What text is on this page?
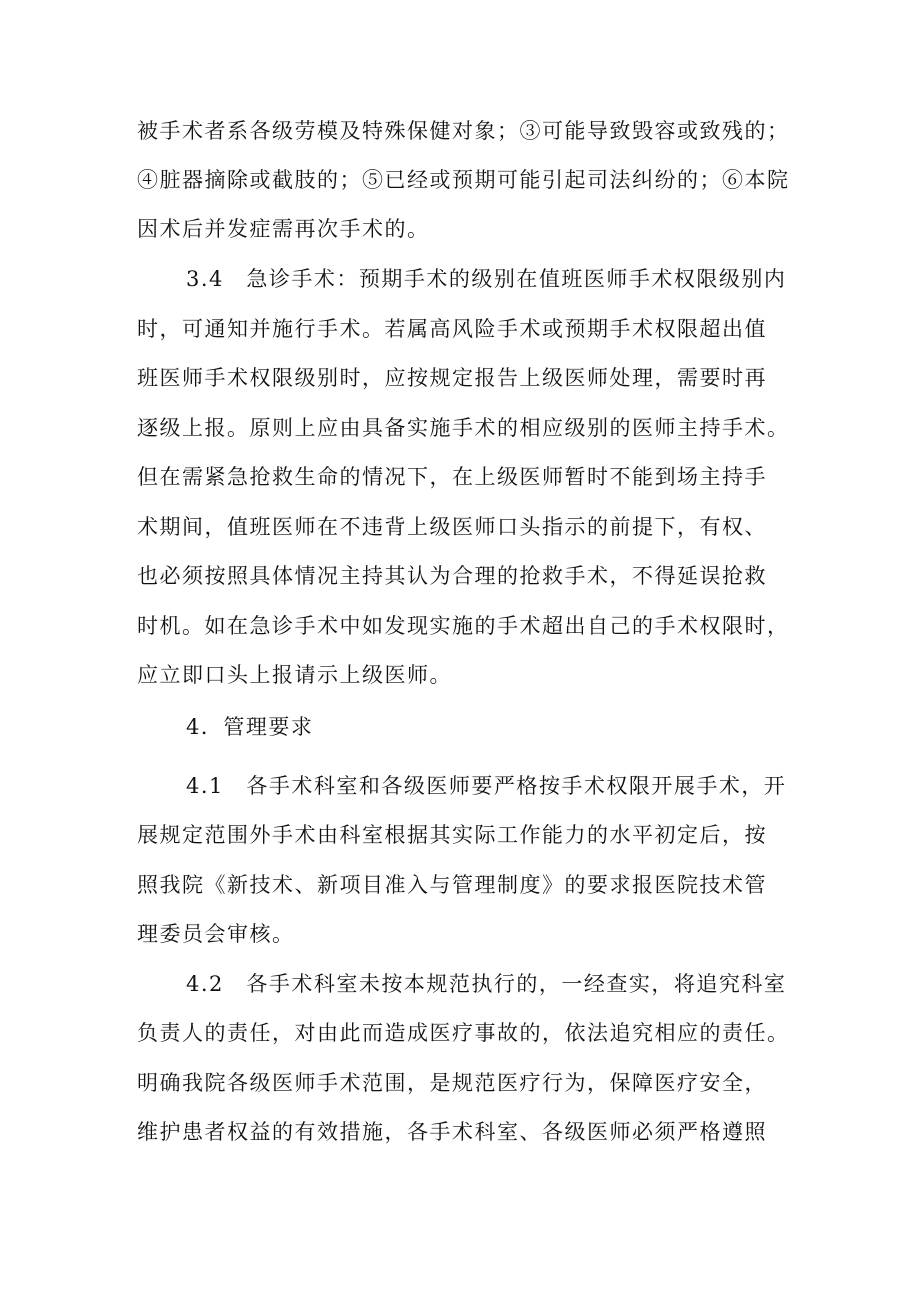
被手术者系各级劳模及特殊保健对象；③可能导致毁容或致残的；
④脏器摘除或截肢的；⑤已经或预期可能引起司法纠纷的；⑥本院
因术后并发症需再次手术的。
3.4　急诊手术：预期手术的级别在值班医师手术权限级别内
时，可通知并施行手术。若属高风险手术或预期手术权限超出值
班医师手术权限级别时，应按规定报告上级医师处理，需要时再
逐级上报。原则上应由具备实施手术的相应级别的医师主持手术。
但在需紧急抢救生命的情况下，在上级医师暂时不能到场主持手
术期间，值班医师在不违背上级医师口头指示的前提下，有权、
也必须按照具体情况主持其认为合理的抢救手术，不得延误抢救
时机。如在急诊手术中如发现实施的手术超出自己的手术权限时，
应立即口头上报请示上级医师。
4．管理要求
4.1　各手术科室和各级医师要严格按手术权限开展手术，开
展规定范围外手术由科室根据其实际工作能力的水平初定后，按
照我院《新技术、新项目准入与管理制度》的要求报医院技术管
理委员会审核。
4.2　各手术科室未按本规范执行的，一经查实，将追究科室
负责人的责任，对由此而造成医疗事故的，依法追究相应的责任。
明确我院各级医师手术范围，是规范医疗行为，保障医疗安全，
维护患者权益的有效措施，各手术科室、各级医师必须严格遵照
